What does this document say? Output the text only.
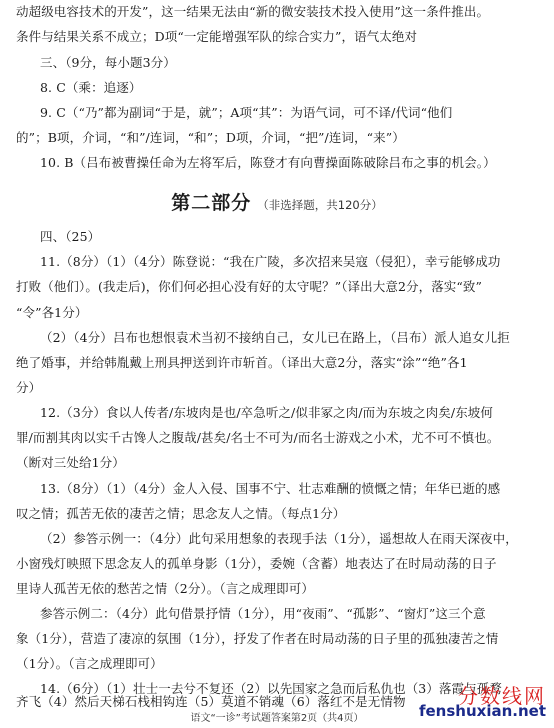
动超级电容技术的开发”，这一结果无法由“新的微安装技术投入使用”这一条件推出。
条件与结果关系不成立；D项“一定能增强军队的综合实力”，语气太绝对
三、（9分，每小题3分）
8. C（乘：追逐）
9. C（“乃”都为副词“于是，就”；A项“其”：为语气词，可不译/代词“他们
的”；B项，介词，“和”/连词，“和”；D项，介词，“把”/连词，“来”）
10. B（吕布被曹操任命为左将军后，陈登才有向曹操面陈破除吕布之事的机会。）
第二部分 （非选择题，共120分）
四、（25）
11.（8分）（1）（4分）陈登说：“我在广陵，多次招来吴寇（侵犯），幸亏能够成功
打败（他们）。(我走后)，你们何必担心没有好的太守呢？”（译出大意2分，落实“致”
“令”各1分）
（2）（4分）吕布也想恨袁术当初不接纳自己，女儿已在路上，（吕布）派人追女儿拒
绝了婚事，并给韩胤戴上刑具押送到许市斩首。（译出大意2分，落实“涂”“绝”各1
分）
12.（3分）食以人传者/东坡肉是也/卒急听之/似非冢之肉/而为东坡之肉矣/东坡何
罪/而割其肉以实千古馋人之腹哉/甚矣/名士不可为/而名士游戏之小术，尤不可不慎也。
（断对三处给1分）
13.（8分）（1）（4分）金人入侵、国事不宁、壮志难酬的愤慨之情；年华已逝的感
叹之情；孤苦无依的凄苦之情；思念友人之情。（每点1分）
（2）参答示例一：（4分）此句采用想象的表现手法（1分），遥想故人在雨天深夜中，
小窗残灯映照下思念友人的孤单身影（1分），委婉（含蓄）地表达了在时局动荡的日子
里诗人孤苦无依的愁苦之情（2分）。（言之成理即可）
参答示例二：（4分）此句借景抒情（1分），用“夜雨”、“孤影”、“窗灯”这三个意
象（1分），营造了凄凉的氛围（1分），抒发了作者在时局动荡的日子里的孤独凄苦之情
（1分）。（言之成理即可）
14.（6分）（1）壮士一去兮不复还（2）以先国家之急而后私仇也（3）落霞与孤鹜
齐飞（4）然后天梯石栈相钩连（5）莫道不销魂（6）落红不是无情物	分数线网
fenshuxian.net
语文“一诊”考试题答案第2页（共4页）
